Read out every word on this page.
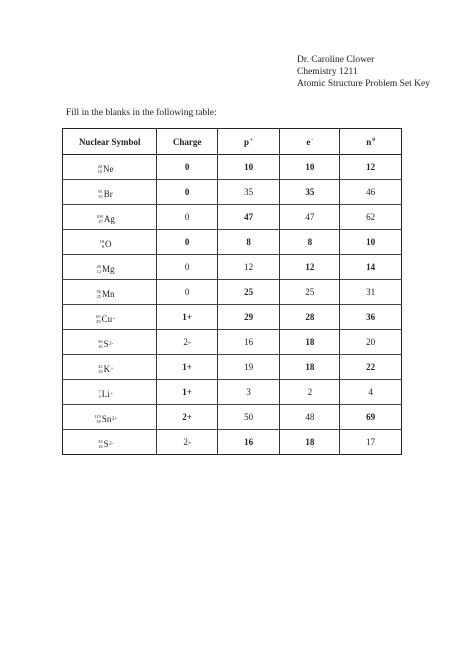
Dr. Caroline Clower
Chemistry 1211
Atomic Structure Problem Set Key
Fill in the blanks in the following table:
Nuclear Symbol	Charge	p+	e-	$n^0$

20
10 Ne	0	10	10	12

81
35 Br	0	35	35	46

109
47 Ag	0	47	47	62

18
8 O	0	8	8	10

26
12 Mg	0	12	12	14

56
25 Mn	0	25	25	31

65
29 Cu +	1+	29	28	36

36
16 S 2-	2-	16	18	20

41
19 K +	1+	19	18	22

7
3 Li +	1+	3	2	4

119
50 Sn 2+	2+	50	48	69

33
16 S 2-	2-	16	18	17
